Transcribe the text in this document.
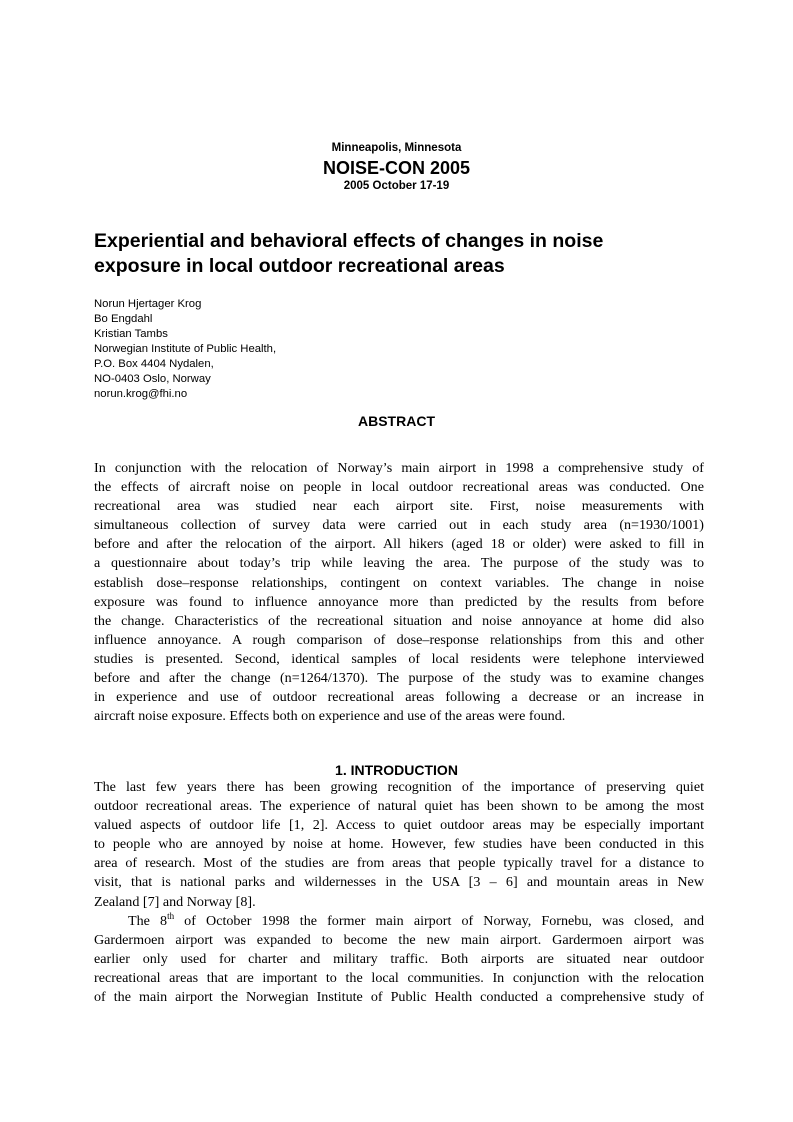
Minneapolis, Minnesota
NOISE-CON 2005
2005 October 17-19
Experiential and behavioral effects of changes in noise
exposure in local outdoor recreational areas
Norun Hjertager Krog
Bo Engdahl
Kristian Tambs
Norwegian Institute of Public Health,
P.O. Box 4404 Nydalen,
NO-0403 Oslo, Norway
norun.krog@fhi.no
ABSTRACT
In conjunction with the relocation of Norway’s main airport in 1998 a comprehensive study of
the effects of aircraft noise on people in local outdoor recreational areas was conducted. One
recreational area was studied near each airport site. First, noise measurements with
simultaneous collection of survey data were carried out in each study area (n=1930/1001)
before and after the relocation of the airport. All hikers (aged 18 or older) were asked to fill in
a questionnaire about today’s trip while leaving the area. The purpose of the study was to
establish dose–response relationships, contingent on context variables. The change in noise
exposure was found to influence annoyance more than predicted by the results from before
the change. Characteristics of the recreational situation and noise annoyance at home did also
influence annoyance. A rough comparison of dose–response relationships from this and other
studies is presented. Second, identical samples of local residents were telephone interviewed
before and after the change (n=1264/1370). The purpose of the study was to examine changes
in experience and use of outdoor recreational areas following a decrease or an increase in
aircraft noise exposure. Effects both on experience and use of the areas were found.
1. INTRODUCTION
The last few years there has been growing recognition of the importance of preserving quiet
outdoor recreational areas. The experience of natural quiet has been shown to be among the most
valued aspects of outdoor life [1, 2]. Access to quiet outdoor areas may be especially important
to people who are annoyed by noise at home. However, few studies have been conducted in this
area of research. Most of the studies are from areas that people typically travel for a distance to
visit, that is national parks and wildernesses in the USA [3 – 6] and mountain areas in New
Zealand [7] and Norway [8].
The 8th of October 1998 the former main airport of Norway, Fornebu, was closed, and
Gardermoen airport was expanded to become the new main airport. Gardermoen airport was
earlier only used for charter and military traffic. Both airports are situated near outdoor
recreational areas that are important to the local communities. In conjunction with the relocation
of the main airport the Norwegian Institute of Public Health conducted a comprehensive study of
